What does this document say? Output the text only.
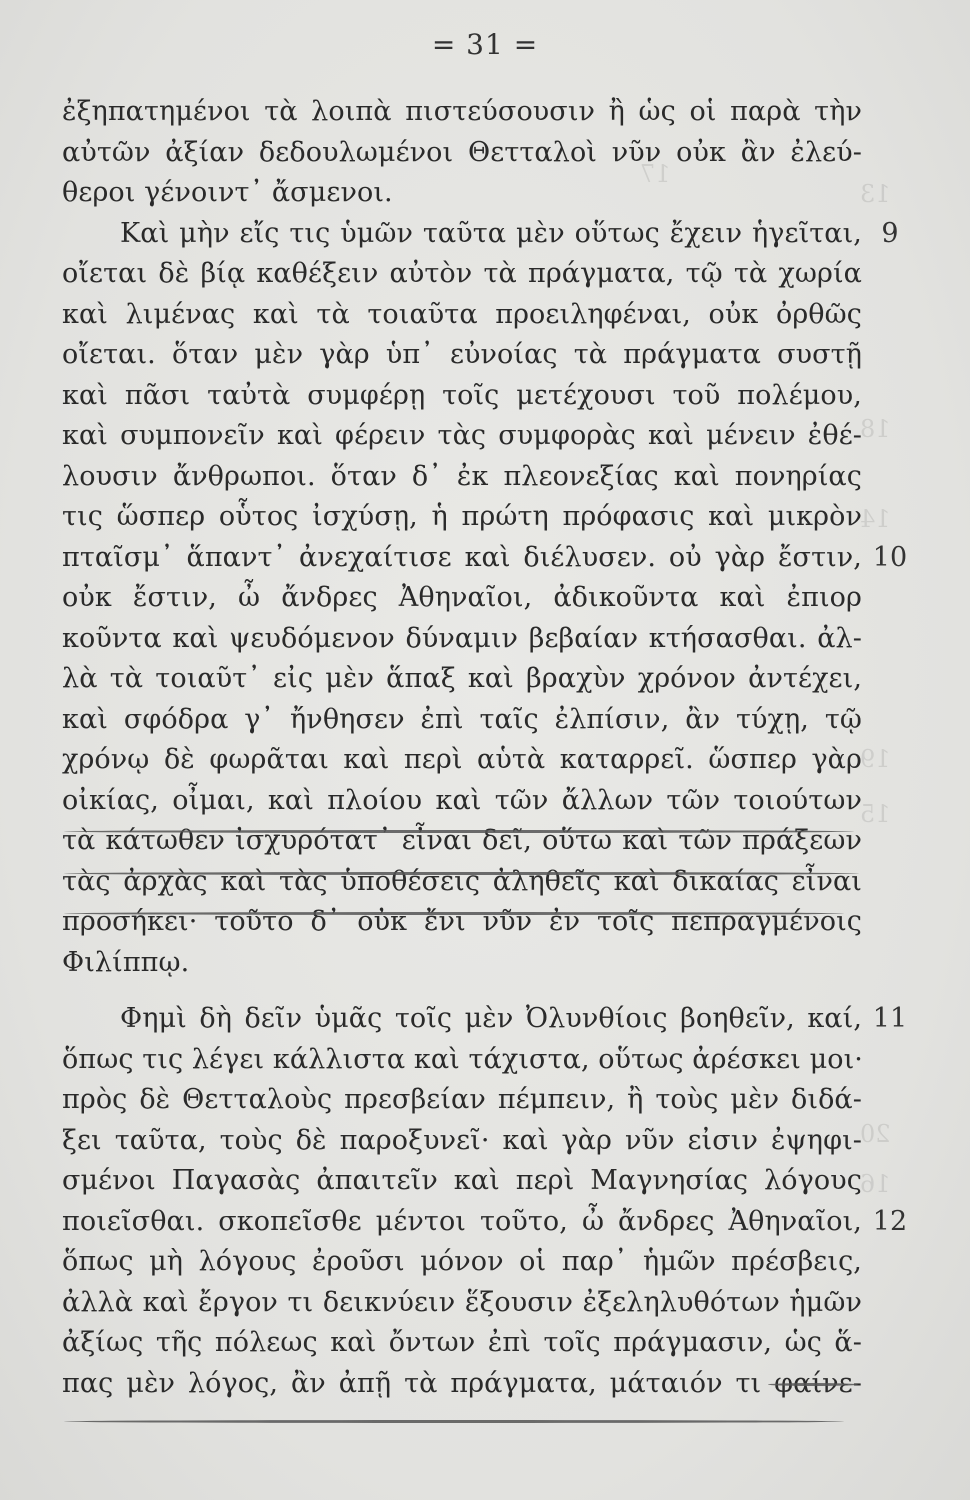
17
13
18
14
19
15
20
16
= 31 =
ἐξηπατημένοι τὰ λοιπὰ πιστεύσουσιν ἢ ὡς οἱ παρὰ τὴν
αὐτῶν ἀξίαν δεδουλωμένοι Θετταλοὶ νῦν οὐκ ἂν ἐλεύ-
θεροι γένοιντ᾽ ἄσμενοι.
Καὶ μὴν εἴς τις ὑμῶν ταῦτα μὲν οὕτως ἔχειν ἡγεῖται, 9
οἴεται δὲ βίᾳ καθέξειν αὐτὸν τὰ πράγματα, τῷ τὰ χωρία
καὶ λιμένας καὶ τὰ τοιαῦτα προειληφέναι, οὐκ ὀρθῶς
οἴεται. ὅταν μὲν γὰρ ὑπ᾽ εὐνοίας τὰ πράγματα συστῇ
καὶ πᾶσι ταὐτὰ συμφέρῃ τοῖς μετέχουσι τοῦ πολέμου,
καὶ συμπονεῖν καὶ φέρειν τὰς συμφορὰς καὶ μένειν ἐθέ-
λουσιν ἄνθρωποι. ὅταν δ᾽ ἐκ πλεονεξίας καὶ πονηρίας
τις ὥσπερ οὗτος ἰσχύσῃ, ἡ πρώτη πρόφασις καὶ μικρὸν
πταῖσμ᾽ ἅπαντ᾽ ἀνεχαίτισε καὶ διέλυσεν. οὐ γὰρ ἔστιν, 10
οὐκ ἔστιν, ὦ ἄνδρες Ἀθηναῖοι, ἀδικοῦντα καὶ ἐπιορ
κοῦντα καὶ ψευδόμενον δύναμιν βεβαίαν κτήσασθαι. ἀλ-
λὰ τὰ τοιαῦτ᾽ εἰς μὲν ἅπαξ καὶ βραχὺν χρόνον ἀντέχει,
καὶ σφόδρα γ᾽ ἤνθησεν ἐπὶ ταῖς ἐλπίσιν, ἂν τύχῃ, τῷ
χρόνῳ δὲ φωρᾶται καὶ περὶ αὑτὰ καταρρεῖ. ὥσπερ γὰρ
οἰκίας, οἶμαι, καὶ πλοίου καὶ τῶν ἄλλων τῶν τοιούτων
τὰ κάτωθεν ἰσχυρότατ᾽ εἶναι δεῖ, οὕτω καὶ τῶν πράξεων
τὰς ἀρχὰς καὶ τὰς ὑποθέσεις ἀληθεῖς καὶ δικαίας εἶναι
προσήκει· τοῦτο δ᾽ οὐκ ἔνι νῦν ἐν τοῖς πεπραγμένοις
Φιλίππῳ.
Φημὶ δὴ δεῖν ὑμᾶς τοῖς μὲν Ὀλυνθίοις βοηθεῖν, καί, 11
ὅπως τις λέγει κάλλιστα καὶ τάχιστα, οὕτως ἀρέσκει μοι·
πρὸς δὲ Θετταλοὺς πρεσβείαν πέμπειν, ἢ τοὺς μὲν διδά-
ξει ταῦτα, τοὺς δὲ παροξυνεῖ· καὶ γὰρ νῦν εἰσιν ἐψηφι-
σμένοι Παγασὰς ἀπαιτεῖν καὶ περὶ Μαγνησίας λόγους
ποιεῖσθαι. σκοπεῖσθε μέντοι τοῦτο, ὦ ἄνδρες Ἀθηναῖοι, 12
ὅπως μὴ λόγους ἐροῦσι μόνον οἱ παρ᾽ ἡμῶν πρέσβεις,
ἀλλὰ καὶ ἔργον τι δεικνύειν ἕξουσιν ἐξεληλυθότων ἡμῶν
ἀξίως τῆς πόλεως καὶ ὄντων ἐπὶ τοῖς πράγμασιν, ὡς ἅ-
πας μὲν λόγος, ἂν ἀπῇ τὰ πράγματα, μάταιόν τι φαίνε-
